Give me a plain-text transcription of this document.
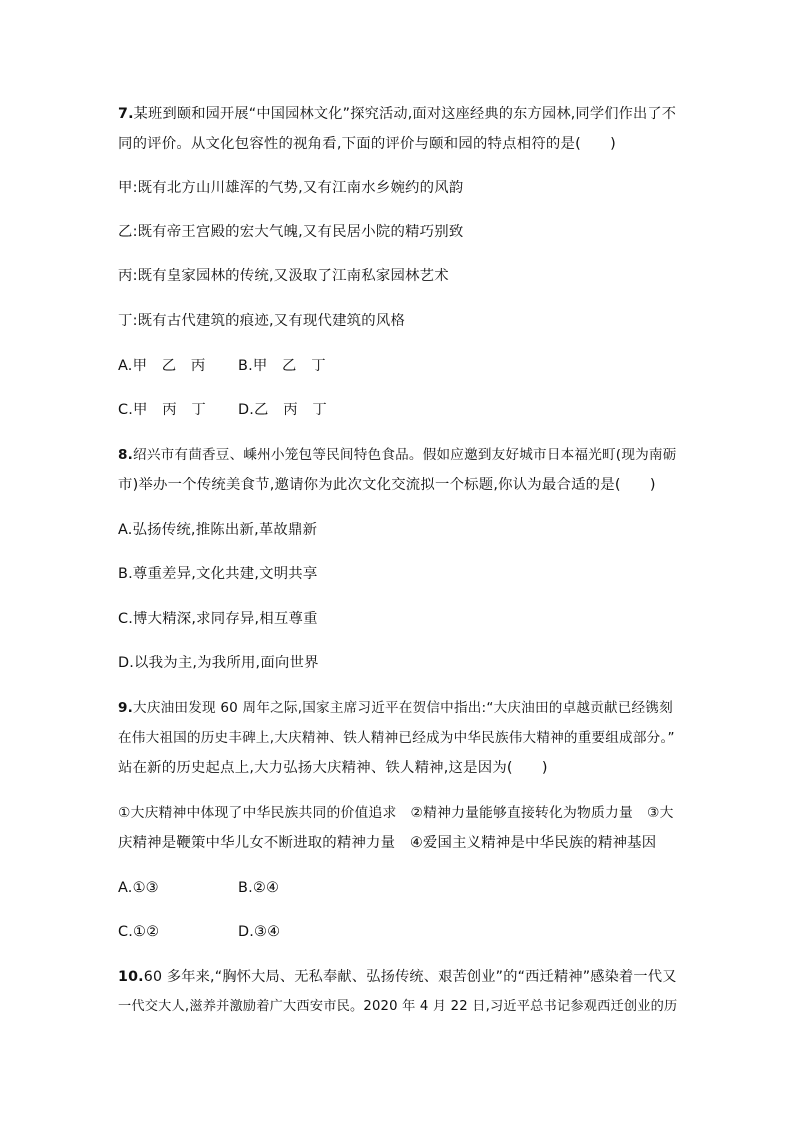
7.某班到颐和园开展“中国园林文化”探究活动,面对这座经典的东方园林,同学们作出了不
同的评价。从文化包容性的视角看,下面的评价与颐和园的特点相符的是(　　)
甲:既有北方山川雄浑的气势,又有江南水乡婉约的风韵
乙:既有帝王宫殿的宏大气魄,又有民居小院的精巧别致
丙:既有皇家园林的传统,又汲取了江南私家园林艺术
丁:既有古代建筑的痕迹,又有现代建筑的风格
A.甲　乙　丙 B.甲　乙　丁
C.甲　丙　丁 D.乙　丙　丁
8.绍兴市有茴香豆、嵊州小笼包等民间特色食品。假如应邀到友好城市日本福光町(现为南砺
市)举办一个传统美食节,邀请你为此次文化交流拟一个标题,你认为最合适的是(　　)
A.弘扬传统,推陈出新,革故鼎新
B.尊重差异,文化共建,文明共享
C.博大精深,求同存异,相互尊重
D.以我为主,为我所用,面向世界
9.大庆油田发现 60 周年之际,国家主席习近平在贺信中指出:“大庆油田的卓越贡献已经镌刻
在伟大祖国的历史丰碑上,大庆精神、铁人精神已经成为中华民族伟大精神的重要组成部分。”
站在新的历史起点上,大力弘扬大庆精神、铁人精神,这是因为(　　)
①大庆精神中体现了中华民族共同的价值追求　②精神力量能够直接转化为物质力量　③大
庆精神是鞭策中华儿女不断进取的精神力量　④爱国主义精神是中华民族的精神基因
A.①③	B.②④
C.①②	D.③④
10.60 多年来,“胸怀大局、无私奉献、弘扬传统、艰苦创业”的“西迁精神”感染着一代又
一代交大人,滋养并激励着广大西安市民。2020 年 4 月 22 日,习近平总书记参观西迁创业的历
